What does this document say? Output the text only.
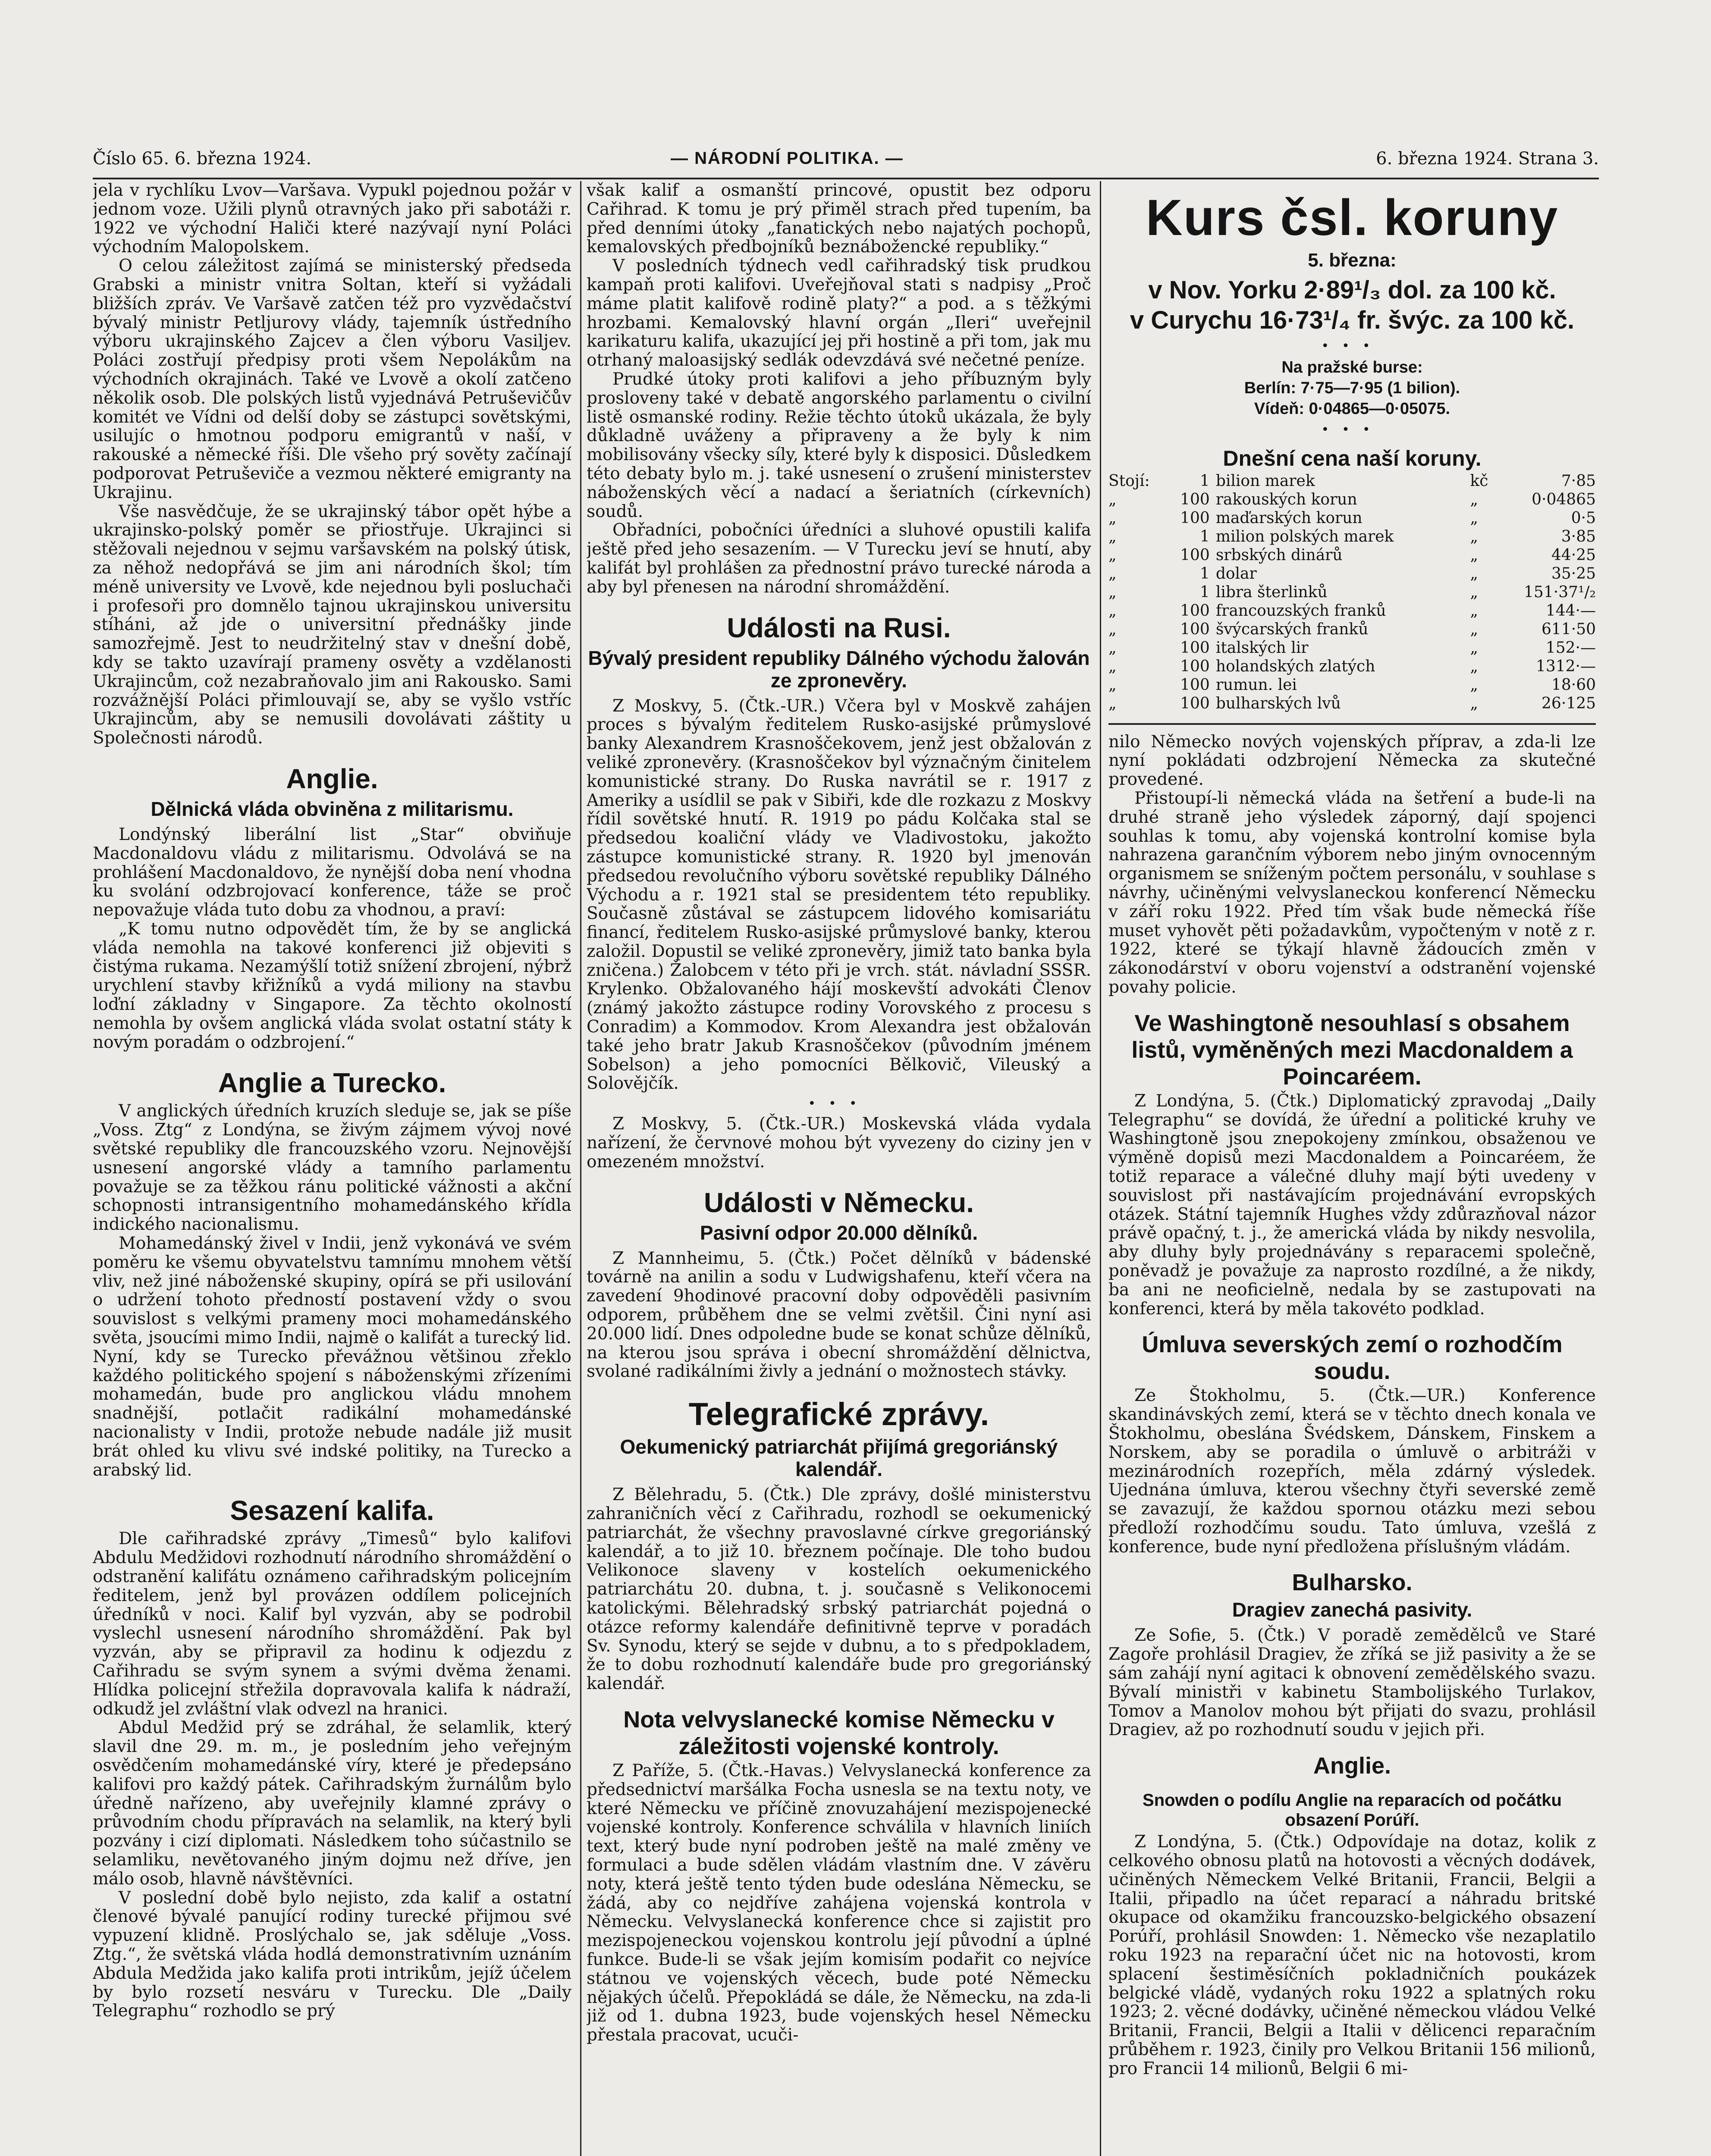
Číslo 65. 6. března 1924.	— NÁRODNÍ POLITIKA. —	6. března 1924. Strana 3.

jela v rychlíku Lvov—Varšava. Vypukl pojednou požár v jednom voze. Užili plynů otravných jako při sabotáži r. 1922 ve východní Haliči které nazývají nyní Poláci východním Malopolskem.

O celou záležitost zajímá se ministerský předseda Grabski a ministr vnitra Soltan, kteří si vyžádali bližších zpráv. Ve Varšavě zatčen též pro vyzvědačství bývalý ministr Petljurovy vlády, tajemník ústředního výboru ukrajinského Zajcev a člen výboru Vasiljev. Poláci zostřují předpisy proti všem Nepolákům na východních okrajinách. Také ve Lvově a okolí zatčeno několik osob. Dle polských listů vyjednává Petruševičův komitét ve Vídni od delší doby se zástupci sovětskými, usilujíc o hmotnou podporu emigrantů v naší, v rakouské a německé říši. Dle všeho prý sověty začínají podporovat Petruševiče a vezmou některé emigranty na Ukrajinu.

Vše nasvědčuje, že se ukrajinský tábor opět hýbe a ukrajinsko-polský poměr se přiostřuje. Ukrajinci si stěžovali nejednou v sejmu varšavském na polský útisk, za něhož nedopřává se jim ani národních škol; tím méně university ve Lvově, kde nejednou byli posluchači i profesoři pro domnělo tajnou ukrajinskou universitu stíháni, až jde o universitní přednášky jinde samozřejmě. Jest to neudržitelný stav v dnešní době, kdy se takto uzavírají prameny osvěty a vzdělanosti Ukrajincům, což nezabraňovalo jim ani Rakousko. Sami rozvážnější Poláci přimlouvají se, aby se vyšlo vstříc Ukrajincům, aby se nemusili dovolávati záštity u Společnosti národů.

Anglie.
Dělnická vláda obviněna z militarismu.

Londýnský liberální list „Star“ obviňuje Macdonaldovu vládu z militarismu. Odvolává se na prohlášení Macdonaldovo, že nynější doba není vhodna ku svolání odzbrojovací konference, táže se proč nepovažuje vláda tuto dobu za vhodnou, a praví:

„K tomu nutno odpovědět tím, že by se anglická vláda nemohla na takové konferenci již objeviti s čistýma rukama. Nezamýšlí totiž snížení zbrojení, nýbrž urychlení stavby křižníků a vydá miliony na stavbu loďní základny v Singapore. Za těchto okolností nemohla by ovšem anglická vláda svolat ostatní státy k novým poradám o odzbrojení.“

Anglie a Turecko.

V anglických úředních kruzích sleduje se, jak se píše „Voss. Ztg“ z Londýna, se živým zájmem vývoj nové světské republiky dle francouzského vzoru. Nejnovější usnesení angorské vlády a tamního parlamentu považuje se za těžkou ránu politické vážnosti a akční schopnosti intransigentního mohamedánského křídla indického nacionalismu.

Mohamedánský živel v Indii, jenž vykonává ve svém poměru ke všemu obyvatelstvu tamnímu mnohem větší vliv, než jiné náboženské skupiny, opírá se při usilování o udržení tohoto předností postavení vždy o svou souvislost s velkými prameny moci mohamedánského světa, jsoucími mimo Indii, najmě o kalifát a turecký lid. Nyní, kdy se Turecko převážnou většinou zřeklo každého politického spojení s náboženskými zřízeními mohamedán, bude pro anglickou vládu mnohem snadnější, potlačit radikální mohamedánské nacionalisty v Indii, protože nebude nadále již musit brát ohled ku vlivu své indské politiky, na Turecko a arabský lid.

Sesazení kalifa.

Dle cařihradské zprávy „Timesů“ bylo kalifovi Abdulu Medžidovi rozhodnutí národního shromáždění o odstranění kalifátu oznámeno cařihradským policejním ředitelem, jenž byl provázen oddílem policejních úředníků v noci. Kalif byl vyzván, aby se podrobil vyslechl usnesení národního shromáždění. Pak byl vyzván, aby se připravil za hodinu k odjezdu z Cařihradu se svým synem a svými dvěma ženami. Hlídka policejní střežila dopravovala kalifa k nádraží, odkudž jel zvláštní vlak odvezl na hranici.

Abdul Medžid prý se zdráhal, že selamlik, který slavil dne 29. m. m., je posledním jeho veřejným osvědčením mohamedánské víry, které je předepsáno kalifovi pro každý pátek. Cařihradským žurnálům bylo úředně nařízeno, aby uveřejnily klamné zprávy o průvodním chodu přípravách na selamlik, na který byli pozvány i cizí diplomati. Následkem toho súčastnilo se selamliku, nevětovaného jiným dojmu než dříve, jen málo osob, hlavně návštěvníci.

V poslední době bylo nejisto, zda kalif a ostatní členové bývalé panující rodiny turecké přijmou své vypuzení klidně. Proslýchalo se, jak sděluje „Voss. Ztg.“, že světská vláda hodlá demonstrativním uznáním Abdula Medžida jako kalifa proti intrikům, jejíž účelem by bylo rozsetí nesváru v Turecku. Dle „Daily Telegraphu“ rozhodlo se prý

však kalif a osmanští princové, opustit bez odporu Cařihrad. K tomu je prý přiměl strach před tupením, ba před denními útoky „fanatických nebo najatých pochopů, kemalovských předbojníků beznábožencké republiky.“

V posledních týdnech vedl cařihradský tisk prudkou kampaň proti kalifovi. Uveřejňoval stati s nadpisy „Proč máme platit kalifově rodině platy?“ a pod. a s těžkými hrozbami. Kemalovský hlavní orgán „Ileri“ uveřejnil karikaturu kalifa, ukazující jej při hostině a při tom, jak mu otrhaný maloasijský sedlák odevzdává své nečetné peníze.

Prudké útoky proti kalifovi a jeho příbuzným byly prosloveny také v debatě angorského parlamentu o civilní listě osmanské rodiny. Režie těchto útoků ukázala, že byly důkladně uváženy a připraveny a že byly k nim mobilisovány všecky síly, které byly k disposici. Důsledkem této debaty bylo m. j. také usnesení o zrušení ministerstev náboženských věcí a nadací a šeriatních (církevních) soudů.

Obřadníci, pobočníci úředníci a sluhové opustili kalifa ještě před jeho sesazením. — V Turecku jeví se hnutí, aby kalifát byl prohlášen za přednostní právo turecké národa a aby byl přenesen na národní shromáždění.

Události na Rusi.
Bývalý president republiky Dálného východu žalován ze zpronevěry.

Z Moskvy, 5. (Čtk.-UR.) Včera byl v Moskvě zahájen proces s bývalým ředitelem Rusko-asijské průmyslové banky Alexandrem Krasnoščekovem, jenž jest obžalován z veliké zpronevěry. (Krasnoščekov byl význačným činitelem komunistické strany. Do Ruska navrátil se r. 1917 z Ameriky a usídlil se pak v Sibiři, kde dle rozkazu z Moskvy řídil sovětské hnutí. R. 1919 po pádu Kolčaka stal se předsedou koaliční vlády ve Vladivostoku, jakožto zástupce komunistické strany. R. 1920 byl jmenován předsedou revolučního výboru sovětské republiky Dálného Východu a r. 1921 stal se presidentem této republiky. Současně zůstával se zástupcem lidového komisariátu financí, ředitelem Rusko-asijské průmyslové banky, kterou založil. Dopustil se veliké zpronevěry, jimiž tato banka byla zničena.) Žalobcem v této při je vrch. stát. návladní SSSR. Krylenko. Obžalovaného hájí moskevští advokáti Členov (známý jakožto zástupce rodiny Vorovského z procesu s Conradim) a Kommodov. Krom Alexandra jest obžalován také jeho bratr Jakub Krasnoščekov (původním jménem Sobelson) a jeho pomocníci Bělkovič, Vileuský a Solovějčík.

•••

Z Moskvy, 5. (Čtk.-UR.) Moskevská vláda vydala nařízení, že červnové mohou být vyvezeny do ciziny jen v omezeném množství.

Události v Německu.
Pasivní odpor 20.000 dělníků.

Z Mannheimu, 5. (Čtk.) Počet dělníků v bádenské továrně na anilin a sodu v Ludwigshafenu, kteří včera na zavedení 9hodinové pracovní doby odpověděli pasivním odporem, průběhem dne se velmi zvětšil. Čini nyní asi 20.000 lidí. Dnes odpoledne bude se konat schůze dělníků, na kterou jsou správa i obecní shromáždění dělnictva, svolané radikálními živly a jednání o možnostech stávky.

Telegrafické zprávy.
Oekumenický patriarchát přijímá gregoriánský kalendář.

Z Bělehradu, 5. (Čtk.) Dle zprávy, došlé ministerstvu zahraničních věcí z Cařihradu, rozhodl se oekumenický patriarchát, že všechny pravoslavné církve gregoriánský kalendář, a to již 10. březnem počínaje. Dle toho budou Velikonoce slaveny v kostelích oekumenického patriarchátu 20. dubna, t. j. současně s Velikonocemi katolickými. Bělehradský srbský patriarchát pojedná o otázce reformy kalendáře definitivně teprve v poradách Sv. Synodu, který se sejde v dubnu, a to s předpokladem, že to dobu rozhodnutí kalendáře bude pro gregoriánský kalendář.

Nota velvyslanecké komise Německu v záležitosti vojenské kontroly.

Z Paříže, 5. (Čtk.-Havas.) Velvyslanecká konference za předsednictví maršálka Focha usnesla se na textu noty, ve které Německu ve příčině znovuzahájení mezispojenecké vojenské kontroly. Konference schválila v hlavních liniích text, který bude nyní podroben ještě na malé změny ve formulaci a bude sdělen vládám vlastním dne. V závěru noty, která ještě tento týden bude odeslána Německu, se žádá, aby co nejdříve zahájena vojenská kontrola v Německu. Velvyslanecká konference chce si zajistit pro mezispojeneckou vojenskou kontrolu její původní a úplné funkce. Bude-li se však jejím komisím podařit co nejvíce státnou ve vojenských věcech, bude poté Německu nějakých účelů. Přepokládá se dále, že Německu, na zda-li již od 1. dubna 1923, bude vojenských hesel Německu přestala pracovat, ucuči-

Kurs čsl. koruny
5. března:
v Nov. Yorku 2·89¹/₃ dol. za 100 kč.
v Curychu 16·73¹/₄ fr. švýc. za 100 kč.
•••
Na pražské burse:
Berlín: 7·75—7·95 (1 bilion).
Vídeň: 0·04865—0·05075.
•••
Dnešní cena naší koruny.
Stojí:	1	bilion marek	kč	7·85
„	100	rakouských korun	„	0·04865
„	100	maďarských korun	„	0·5
„	1	milion polských marek	„	3·85
„	100	srbských dinárů	„	44·25
„	1	dolar	„	35·25
„	1	libra šterlinků	„	151·37¹/₂
„	100	francouzských franků	„	144·—
„	100	švýcarských franků	„	611·50
„	100	italských lir	„	152·—
„	100	holandských zlatých	„	1312·—
„	100	rumun. lei	„	18·60
„	100	bulharských lvů	„	26·125

nilo Německo nových vojenských příprav, a zda-li lze nyní pokládati odzbrojení Německa za skutečné provedené.

Přistoupí-li německá vláda na šetření a bude-li na druhé straně jeho výsledek záporný, dají spojenci souhlas k tomu, aby vojenská kontrolní komise byla nahrazena garančním výborem nebo jiným ovnocenným organismem se sníženým počtem personálu, v souhlase s návrhy, učiněnými velvyslaneckou konferencí Německu v září roku 1922. Před tím však bude německá říše muset vyhovět pěti požadavkům, vypočteným v notě z r. 1922, které se týkají hlavně žádoucích změn v zákonodárství v oboru vojenství a odstranění vojenské povahy policie.

Ve Washingtoně nesouhlasí s obsahem listů, vyměněných mezi Macdonaldem a Poincaréem.

Z Londýna, 5. (Čtk.) Diplomatický zpravodaj „Daily Telegraphu“ se dovídá, že úřední a politické kruhy ve Washingtoně jsou znepokojeny zmínkou, obsaženou ve výměně dopisů mezi Macdonaldem a Poincaréem, že totiž reparace a válečné dluhy mají býti uvedeny v souvislost při nastávajícím projednávání evropských otázek. Státní tajemník Hughes vždy zdůrazňoval názor právě opačný, t. j., že americká vláda by nikdy nesvolila, aby dluhy byly projednávány s reparacemi společně, poněvadž je považuje za naprosto rozdílné, a že nikdy, ba ani ne neoficielně, nedala by se zastupovati na konferenci, která by měla takovéto podklad.

Úmluva severských zemí o rozhodčím soudu.

Ze Štokholmu, 5. (Čtk.—UR.) Konference skandinávských zemí, která se v těchto dnech konala ve Štokholmu, obeslána Švédskem, Dánskem, Finskem a Norskem, aby se poradila o úmluvě o arbitráži v mezinárodních rozepřích, měla zdárný výsledek. Ujednána úmluva, kterou všechny čtyři severské země se zavazují, že každou spornou otázku mezi sebou předloží rozhodčímu soudu. Tato úmluva, vzešlá z konference, bude nyní předložena příslušným vládám.

Bulharsko.
Dragiev zanechá pasivity.

Ze Sofie, 5. (Čtk.) V poradě zemědělců ve Staré Zagoře prohlásil Dragiev, že zříká se již pasivity a že se sám zahájí nyní agitaci k obnovení zemědělského svazu. Bývalí ministři v kabinetu Stambolijského Turlakov, Tomov a Manolov mohou být přijati do svazu, prohlásil Dragiev, až po rozhodnutí soudu v jejich při.

Anglie.
Snowden o podílu Anglie na reparacích od počátku obsazení Porúří.

Z Londýna, 5. (Čtk.) Odpovídaje na dotaz, kolik z celkového obnosu platů na hotovosti a věcných dodávek, učiněných Německem Velké Britanii, Francii, Belgii a Italii, připadlo na účet reparací a náhradu britské okupace od okamžiku francouzsko-belgického obsazení Porúří, prohlásil Snowden: 1. Německo vše nezaplatilo roku 1923 na reparační účet nic na hotovosti, krom splacení šestiměsíčních pokladničních poukázek belgické vládě, vydaných roku 1922 a splatných roku 1923; 2. věcné dodávky, učiněné německou vládou Velké Britanii, Francii, Belgii a Italii v dělicenci reparačním průběhem r. 1923, činily pro Velkou Britanii 156 milionů, pro Francii 14 milionů, Belgii 6 mi-
